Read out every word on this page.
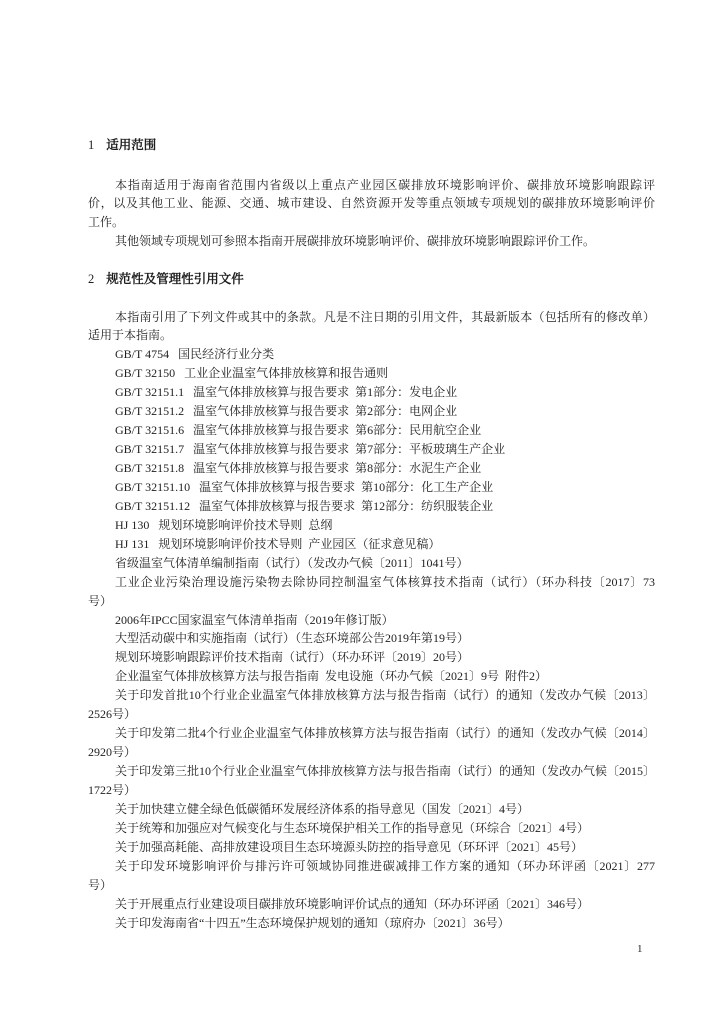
1 适用范围
本指南适用于海南省范围内省级以上重点产业园区碳排放环境影响评价、碳排放环境影响跟踪评
价，以及其他工业、能源、交通、城市建设、自然资源开发等重点领域专项规划的碳排放环境影响评价
工作。
其他领域专项规划可参照本指南开展碳排放环境影响评价、碳排放环境影响跟踪评价工作。
2 规范性及管理性引用文件
本指南引用了下列文件或其中的条款。凡是不注日期的引用文件，其最新版本（包括所有的修改单）
适用于本指南。
GB/T 4754 国民经济行业分类
GB/T 32150 工业企业温室气体排放核算和报告通则
GB/T 32151.1 温室气体排放核算与报告要求  第1部分：发电企业
GB/T 32151.2 温室气体排放核算与报告要求  第2部分：电网企业
GB/T 32151.6 温室气体排放核算与报告要求  第6部分：民用航空企业
GB/T 32151.7 温室气体排放核算与报告要求  第7部分：平板玻璃生产企业
GB/T 32151.8 温室气体排放核算与报告要求  第8部分：水泥生产企业
GB/T 32151.10 温室气体排放核算与报告要求  第10部分：化工生产企业
GB/T 32151.12 温室气体排放核算与报告要求  第12部分：纺织服装企业
HJ 130 规划环境影响评价技术导则  总纲
HJ 131 规划环境影响评价技术导则  产业园区（征求意见稿）
省级温室气体清单编制指南（试行）（发改办气候〔2011〕1041号）
工业企业污染治理设施污染物去除协同控制温室气体核算技术指南（试行）（环办科技〔2017〕73
号）
2006年IPCC国家温室气体清单指南（2019年修订版）
大型活动碳中和实施指南（试行）（生态环境部公告2019年第19号）
规划环境影响跟踪评价技术指南（试行）（环办环评〔2019〕20号）
企业温室气体排放核算方法与报告指南  发电设施（环办气候〔2021〕9号  附件2）
关于印发首批10个行业企业温室气体排放核算方法与报告指南（试行）的通知（发改办气候〔2013〕
2526号）
关于印发第二批4个行业企业温室气体排放核算方法与报告指南（试行）的通知（发改办气候〔2014〕
2920号）
关于印发第三批10个行业企业温室气体排放核算方法与报告指南（试行）的通知（发改办气候〔2015〕
1722号）
关于加快建立健全绿色低碳循环发展经济体系的指导意见（国发〔2021〕4号）
关于统筹和加强应对气候变化与生态环境保护相关工作的指导意见（环综合〔2021〕4号）
关于加强高耗能、高排放建设项目生态环境源头防控的指导意见（环环评〔2021〕45号）
关于印发环境影响评价与排污许可领域协同推进碳减排工作方案的通知（环办环评函〔2021〕277
号）
关于开展重点行业建设项目碳排放环境影响评价试点的通知（环办环评函〔2021〕346号）
关于印发海南省“十四五”生态环境保护规划的通知（琼府办〔2021〕36号）
1
